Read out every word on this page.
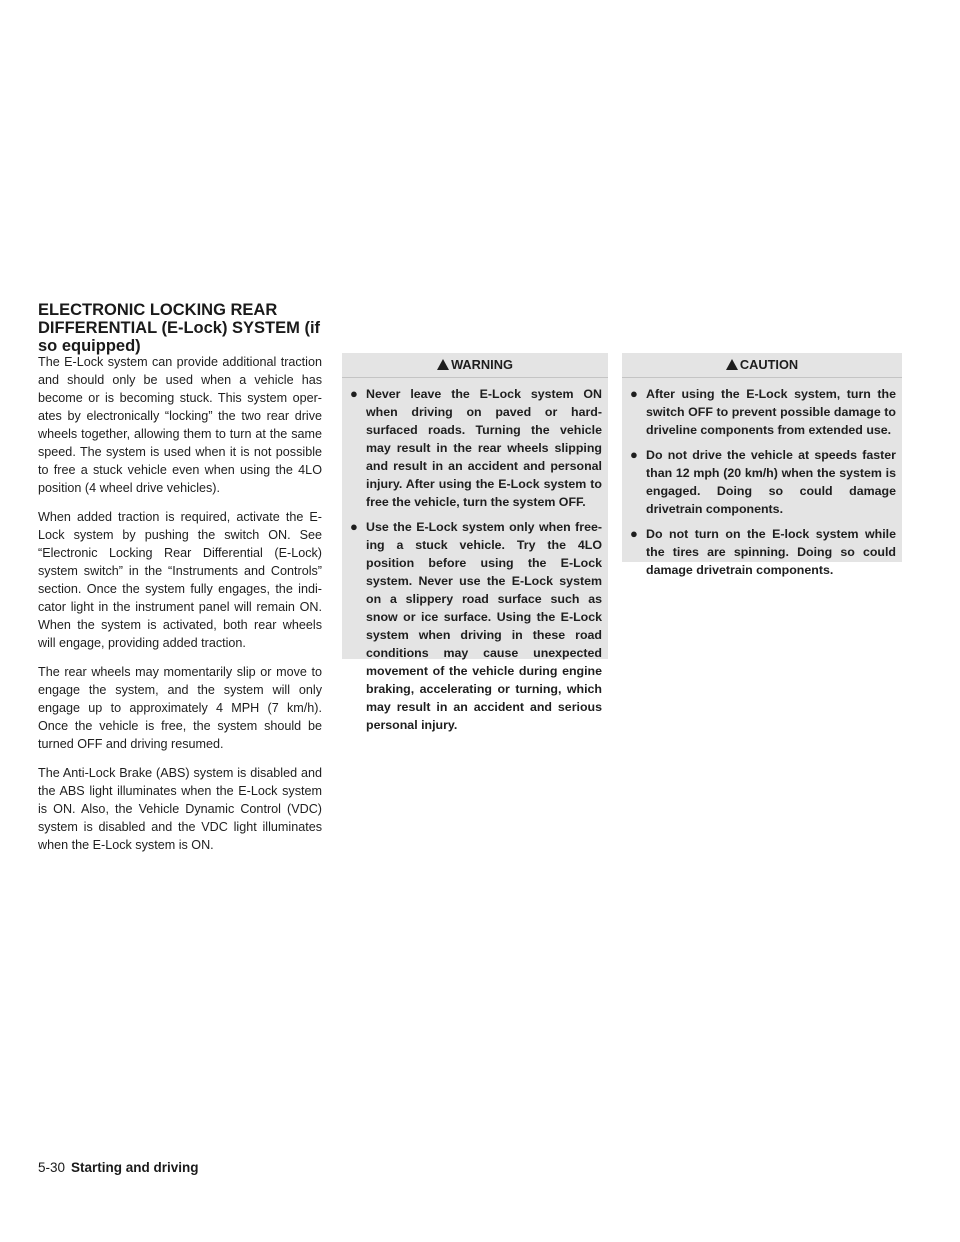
ELECTRONIC LOCKING REAR DIFFERENTIAL (E-Lock) SYSTEM (if so equipped)

The E-Lock system can provide additional traction and should only be used when a vehicle has become or is becoming stuck. This system operates by electronically “locking” the two rear drive wheels together, allowing them to turn at the same speed. The system is used when it is not possible to free a stuck vehicle even when using the 4LO position (4 wheel drive vehicles).

When added traction is required, activate the E-Lock system by pushing the switch ON. See “Electronic Locking Rear Differential (E-Lock) system switch” in the “Instruments and Controls” section. Once the system fully engages, the indicator light in the instrument panel will remain ON. When the system is activated, both rear wheels will engage, providing added traction.

The rear wheels may momentarily slip or move to engage the system, and the system will only engage up to approximately 4 MPH (7 km/h). Once the vehicle is free, the system should be turned OFF and driving resumed.

The Anti-Lock Brake (ABS) system is disabled and the ABS light illuminates when the E-Lock system is ON. Also, the Vehicle Dynamic Control (VDC) system is disabled and the VDC light illuminates when the E-Lock system is ON.

WARNING
● Never leave the E-Lock system ON when driving on paved or hard-surfaced roads. Turning the vehicle may result in the rear wheels slipping and result in an accident and personal injury. After using the E-Lock system to free the vehicle, turn the system OFF.
● Use the E-Lock system only when freeing a stuck vehicle. Try the 4LO position before using the E-Lock system. Never use the E-Lock system on a slippery road surface such as snow or ice surface. Using the E-Lock system when driving in these road conditions may cause unexpected movement of the vehicle during engine braking, accelerating or turning, which may result in an accident and serious personal injury.
CAUTION
● After using the E-Lock system, turn the switch OFF to prevent possible damage to driveline components from extended use.
● Do not drive the vehicle at speeds faster than 12 mph (20 km/h) when the system is engaged. Doing so could damage drivetrain components.
● Do not turn on the E-lock system while the tires are spinning. Doing so could damage drivetrain components.
5-30 Starting and driving
